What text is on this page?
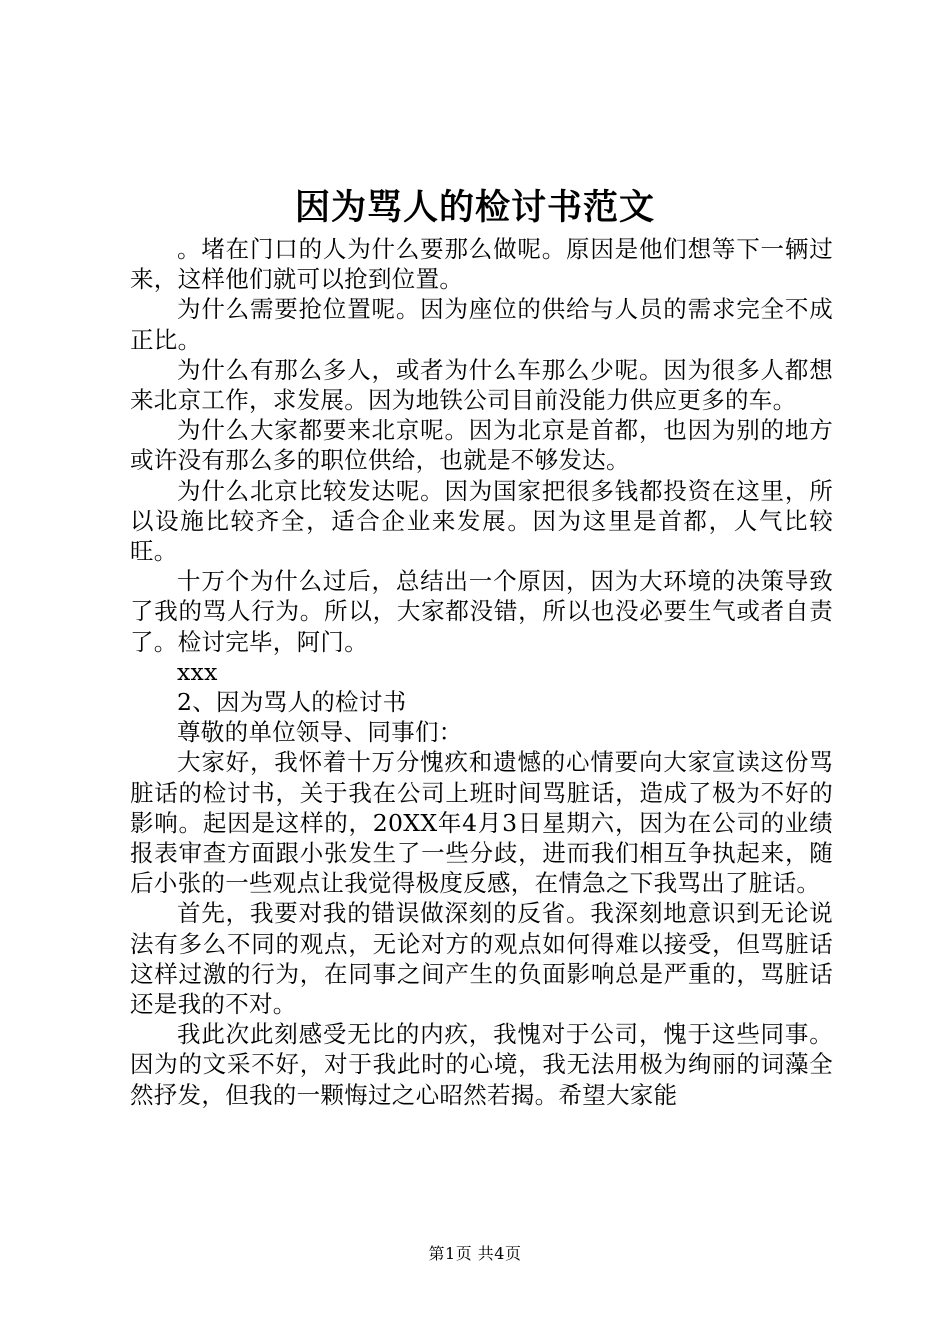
因为骂人的检讨书范文

。堵在门口的人为什么要那么做呢。原因是他们想等下一辆过来，这样他们就可以抢到位置。

为什么需要抢位置呢。因为座位的供给与人员的需求完全不成正比。

为什么有那么多人，或者为什么车那么少呢。因为很多人都想来北京工作，求发展。因为地铁公司目前没能力供应更多的车。

为什么大家都要来北京呢。因为北京是首都，也因为别的地方或许没有那么多的职位供给，也就是不够发达。

为什么北京比较发达呢。因为国家把很多钱都投资在这里，所以设施比较齐全，适合企业来发展。因为这里是首都，人气比较旺。

十万个为什么过后，总结出一个原因，因为大环境的决策导致了我的骂人行为。所以，大家都没错，所以也没必要生气或者自责了。检讨完毕，阿门。

xxx

2、因为骂人的检讨书

尊敬的单位领导、同事们：

大家好，我怀着十万分愧疚和遗憾的心情要向大家宣读这份骂脏话的检讨书，关于我在公司上班时间骂脏话，造成了极为不好的影响。起因是这样的，20XX年4月3日星期六，因为在公司的业绩报表审查方面跟小张发生了一些分歧，进而我们相互争执起来，随后小张的一些观点让我觉得极度反感，在情急之下我骂出了脏话。

首先，我要对我的错误做深刻的反省。我深刻地意识到无论说法有多么不同的观点，无论对方的观点如何得难以接受，但骂脏话这样过激的行为，在同事之间产生的负面影响总是严重的，骂脏话还是我的不对。

我此次此刻感受无比的内疚，我愧对于公司，愧于这些同事。因为的文采不好，对于我此时的心境，我无法用极为绚丽的词藻全然抒发，但我的一颗悔过之心昭然若揭。希望大家能

第1页 共4页
